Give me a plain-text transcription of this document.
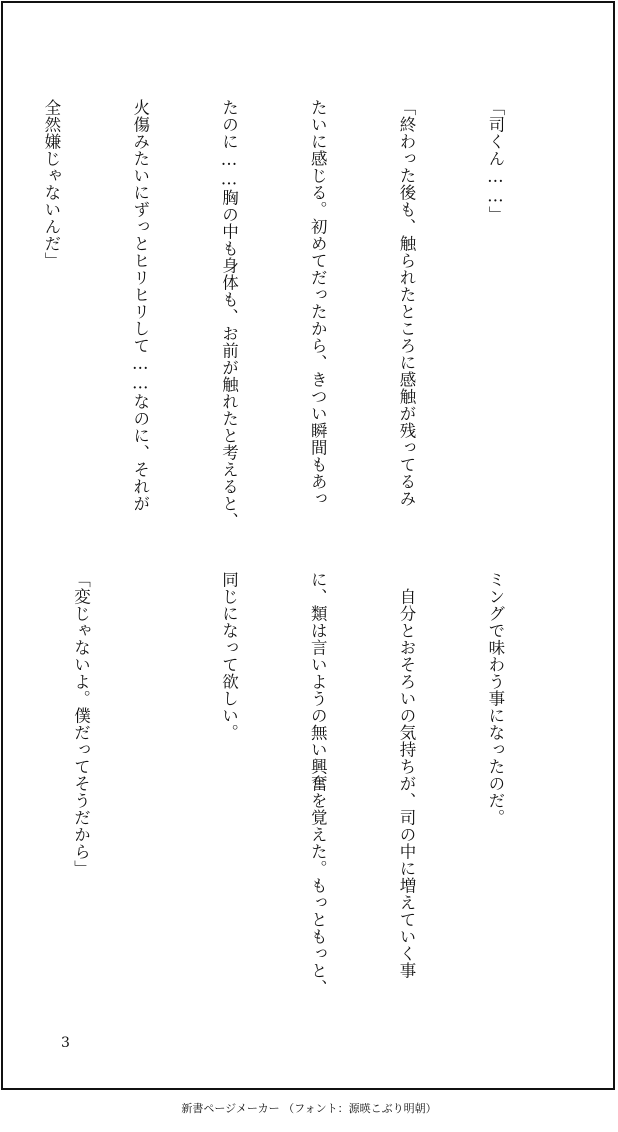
「司くん……」

「終わった後も、触られたところに感触が残ってるみ

たいに感じる。初めてだったから、きつい瞬間もあっ

たのに……胸の中も身体も、お前が触れたと考えると、

火傷みたいにずっとヒリヒリして……なのに、それが

全然嫌じゃないんだ」

ミングで味わう事になったのだ。

　自分とおそろいの気持ちが、司の中に増えていく事

に、類は言いようの無い興奮を覚えた。もっともっと、

同じになって欲しい。

「変じゃないよ。僕だってそうだから」

3
新書ページメーカー （フォント：源暎こぶり明朝）
